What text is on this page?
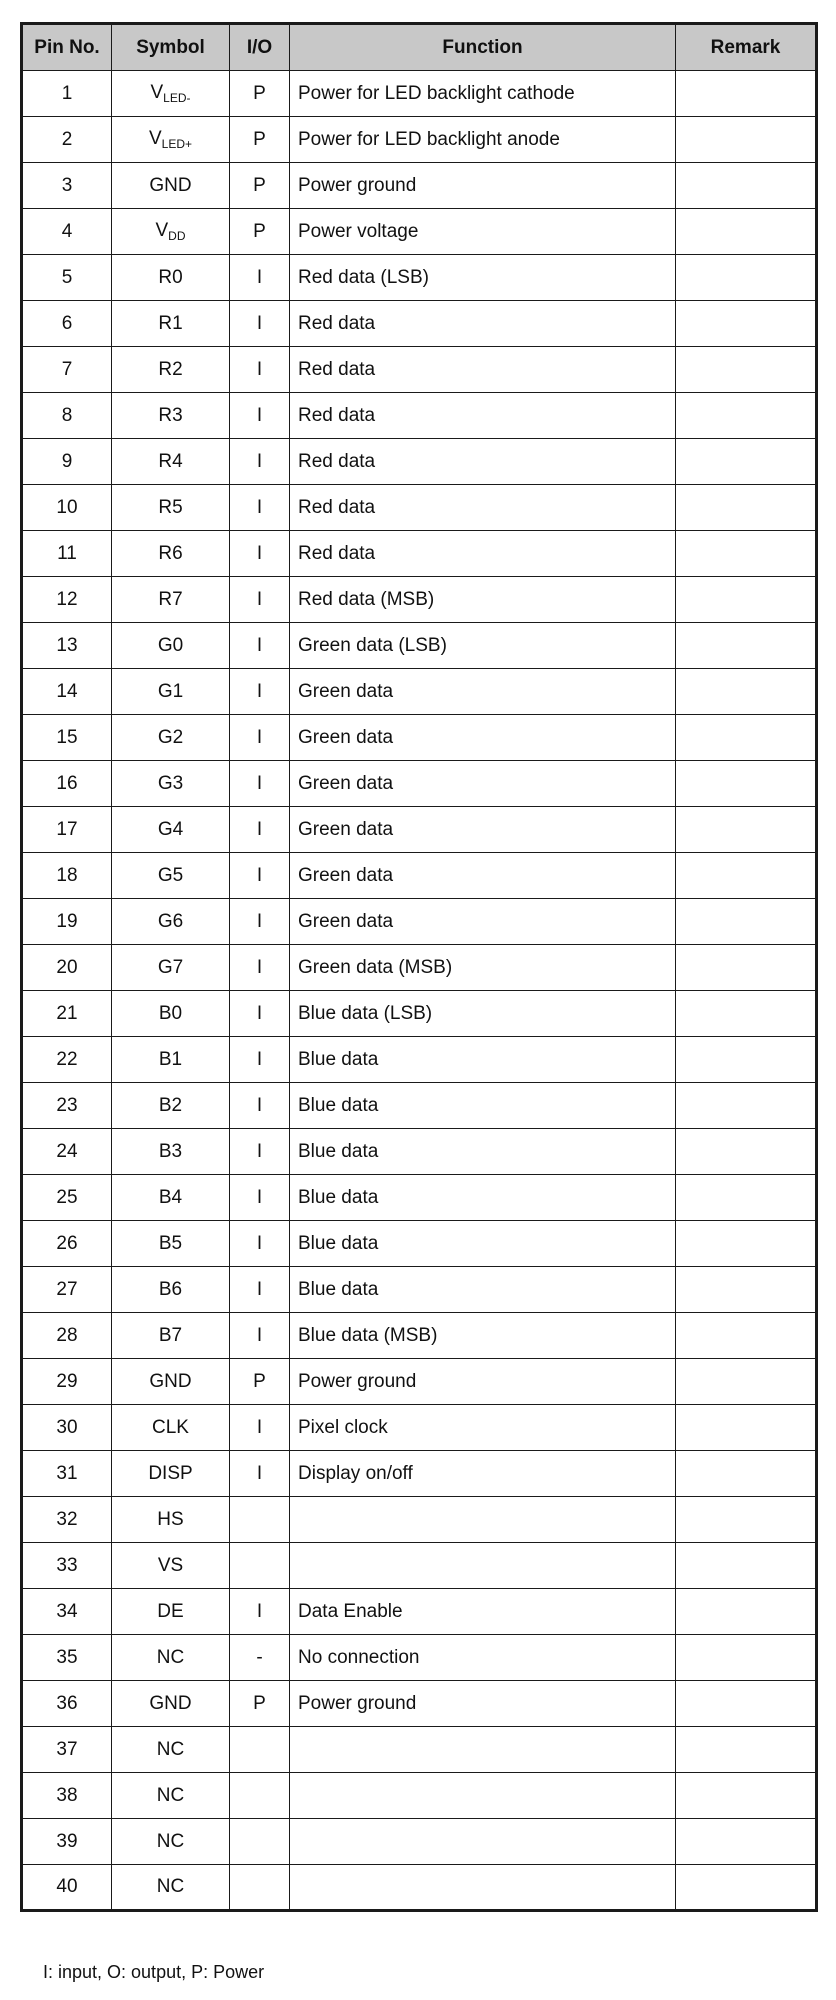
Pin No.	Symbol	I/O	Function	Remark
1	$V_{LED-}$	P	Power for LED backlight cathode	
2	$V_{LED+}$	P	Power for LED backlight anode	
3	GND	P	Power ground	
4	$V_{DD}$	P	Power voltage	
5	R0	I	Red data (LSB)	
6	R1	I	Red data	
7	R2	I	Red data	
8	R3	I	Red data	
9	R4	I	Red data	
10	R5	I	Red data	
11	R6	I	Red data	
12	R7	I	Red data (MSB)	
13	G0	I	Green data (LSB)	
14	G1	I	Green data	
15	G2	I	Green data	
16	G3	I	Green data	
17	G4	I	Green data	
18	G5	I	Green data	
19	G6	I	Green data	
20	G7	I	Green data (MSB)	
21	B0	I	Blue data (LSB)	
22	B1	I	Blue data	
23	B2	I	Blue data	
24	B3	I	Blue data	
25	B4	I	Blue data	
26	B5	I	Blue data	
27	B6	I	Blue data	
28	B7	I	Blue data (MSB)	
29	GND	P	Power ground	
30	CLK	I	Pixel clock	
31	DISP	I	Display on/off	
32	HS			
33	VS			
34	DE	I	Data Enable	
35	NC	-	No connection	
36	GND	P	Power ground	
37	NC			
38	NC			
39	NC			
40	NC			
I: input, O: output, P: Power
